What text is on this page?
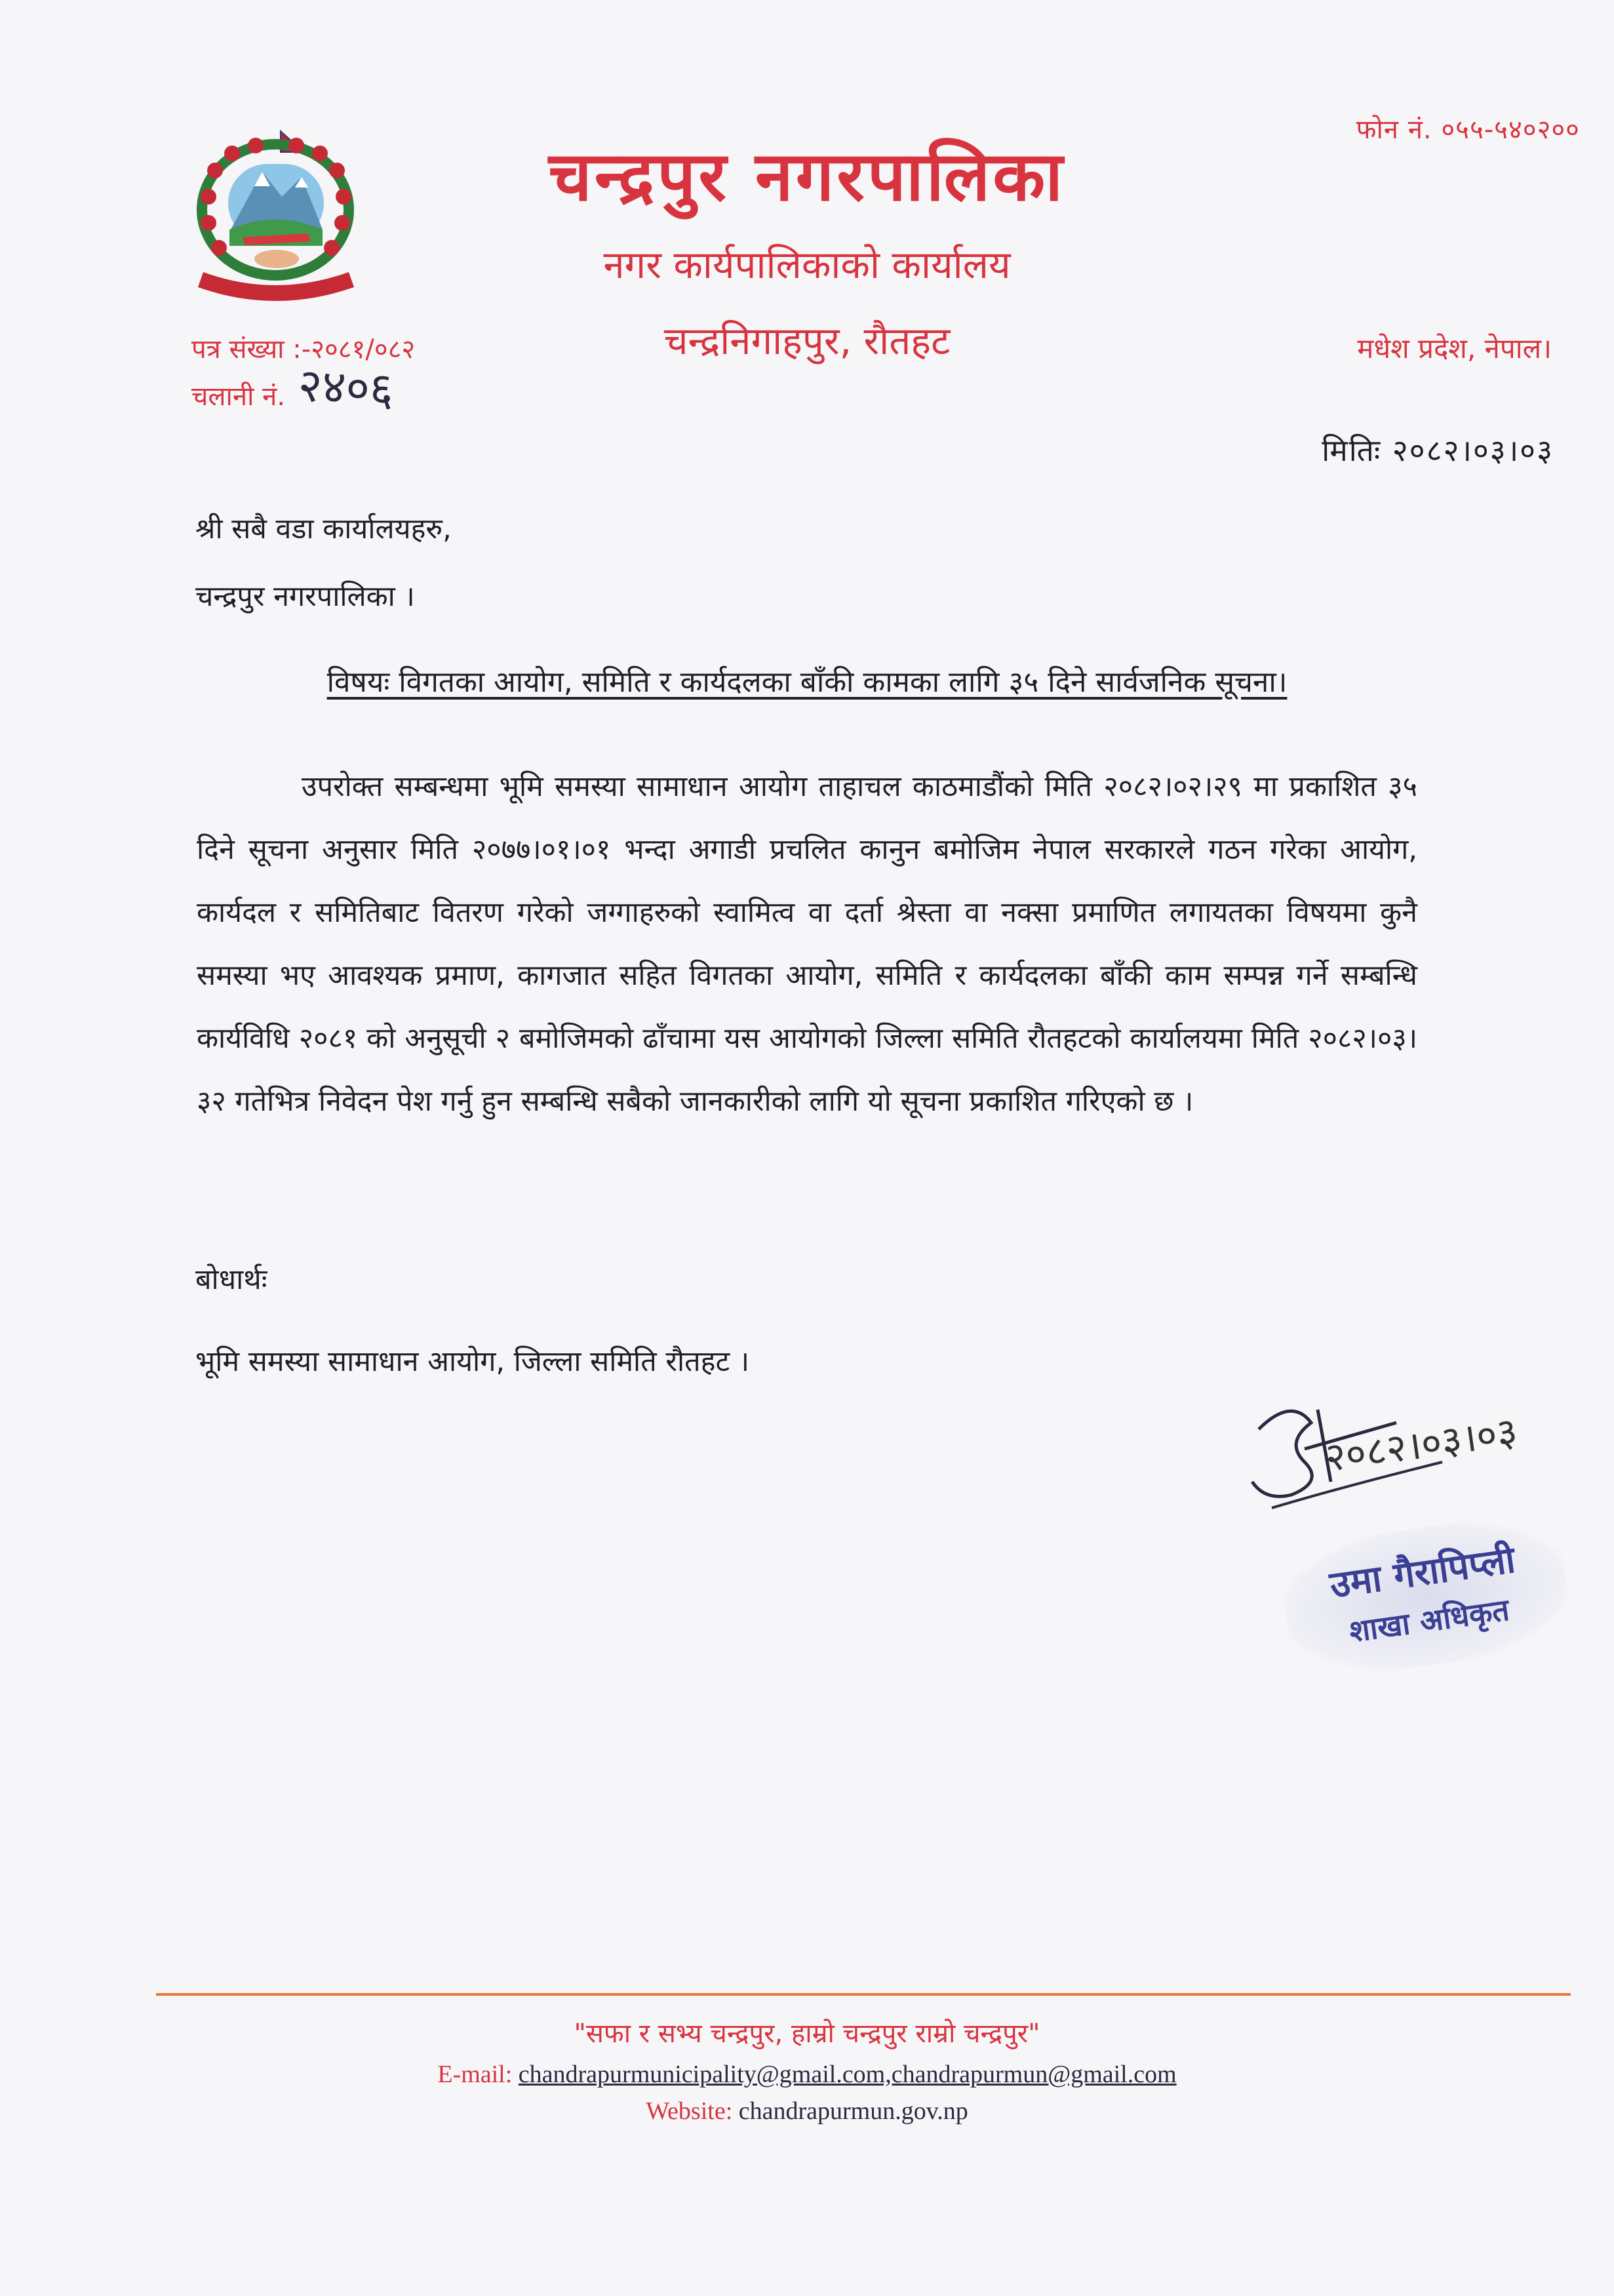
फोन नं. ०५५-५४०२००
चन्द्रपुर नगरपालिका
नगर कार्यपालिकाको कार्यालय
चन्द्रनिगाहपुर, रौतहट	मधेश प्रदेश, नेपाल।
पत्र संख्या :-२०८१/०८२
चलानी नं. २४०६
मितिः २०८२।०३।०३
श्री सबै वडा कार्यालयहरु,
चन्द्रपुर नगरपालिका ।
विषयः विगतका आयोग, समिति र कार्यदलका बाँकी कामका लागि ३५ दिने सार्वजनिक सूचना।
उपरोक्त सम्बन्धमा भूमि समस्या सामाधान आयोग ताहाचल काठमाडौंको मिति २०८२।०२।२९ मा प्रकाशित ३५ दिने सूचना अनुसार मिति २०७७।०१।०१ भन्दा अगाडी प्रचलित कानुन बमोजिम नेपाल सरकारले गठन गरेका आयोग, कार्यदल र समितिबाट वितरण गरेको जग्गाहरुको स्वामित्व वा दर्ता श्रेस्ता वा नक्सा प्रमाणित लगायतका विषयमा कुनै समस्या भए आवश्यक प्रमाण, कागजात सहित विगतका आयोग, समिति र कार्यदलका बाँकी काम सम्पन्न गर्ने सम्बन्धि कार्यविधि २०८१ को अनुसूची २ बमोजिमको ढाँचामा यस आयोगको जिल्ला समिति रौतहटको कार्यालयमा मिति २०८२।०३।३२ गतेभित्र निवेदन पेश गर्नु हुन सम्बन्धि सबैको जानकारीको लागि यो सूचना प्रकाशित गरिएको छ ।
बोधार्थः
भूमि समस्या सामाधान आयोग, जिल्ला समिति रौतहट ।
२०८२।०३।०३
उमा गैरापिप्ली
शाखा अधिकृत
"सफा र सभ्य चन्द्रपुर, हाम्रो चन्द्रपुर राम्रो चन्द्रपुर"
E-mail: chandrapurmunicipality@gmail.com,chandrapurmun@gmail.com
Website: chandrapurmun.gov.np
